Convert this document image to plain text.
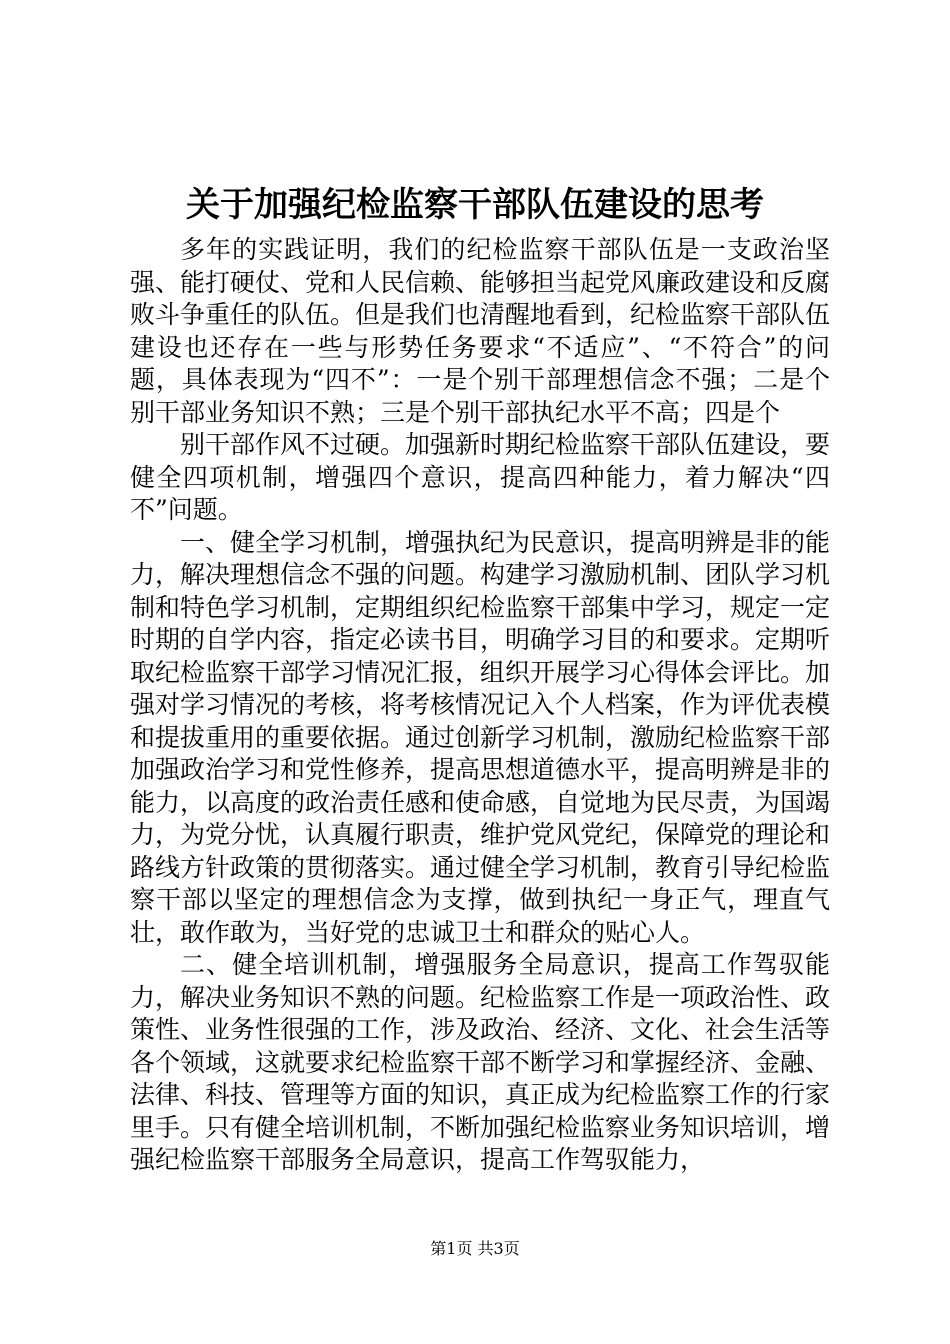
关于加强纪检监察干部队伍建设的思考

多年的实践证明，我们的纪检监察干部队伍是一支政治坚强、能打硬仗、党和人民信赖、能够担当起党风廉政建设和反腐败斗争重任的队伍。但是我们也清醒地看到，纪检监察干部队伍建设也还存在一些与形势任务要求“不适应”、“不符合”的问题，具体表现为“四不”：一是个别干部理想信念不强；二是个别干部业务知识不熟；三是个别干部执纪水平不高；四是个

别干部作风不过硬。加强新时期纪检监察干部队伍建设，要健全四项机制，增强四个意识，提高四种能力，着力解决“四不”问题。

一、健全学习机制，增强执纪为民意识，提高明辨是非的能力，解决理想信念不强的问题。构建学习激励机制、团队学习机制和特色学习机制，定期组织纪检监察干部集中学习，规定一定时期的自学内容，指定必读书目，明确学习目的和要求。定期听取纪检监察干部学习情况汇报，组织开展学习心得体会评比。加强对学习情况的考核，将考核情况记入个人档案，作为评优表模和提拔重用的重要依据。通过创新学习机制，激励纪检监察干部加强政治学习和党性修养，提高思想道德水平，提高明辨是非的能力，以高度的政治责任感和使命感，自觉地为民尽责，为国竭力，为党分忧，认真履行职责，维护党风党纪，保障党的理论和路线方针政策的贯彻落实。通过健全学习机制，教育引导纪检监察干部以坚定的理想信念为支撑，做到执纪一身正气，理直气壮，敢作敢为，当好党的忠诚卫士和群众的贴心人。

二、健全培训机制，增强服务全局意识，提高工作驾驭能力，解决业务知识不熟的问题。纪检监察工作是一项政治性、政策性、业务性很强的工作，涉及政治、经济、文化、社会生活等各个领域，这就要求纪检监察干部不断学习和掌握经济、金融、法律、科技、管理等方面的知识，真正成为纪检监察工作的行家里手。只有健全培训机制，不断加强纪检监察业务知识培训，增强纪检监察干部服务全局意识，提高工作驾驭能力，

第1页 共3页
